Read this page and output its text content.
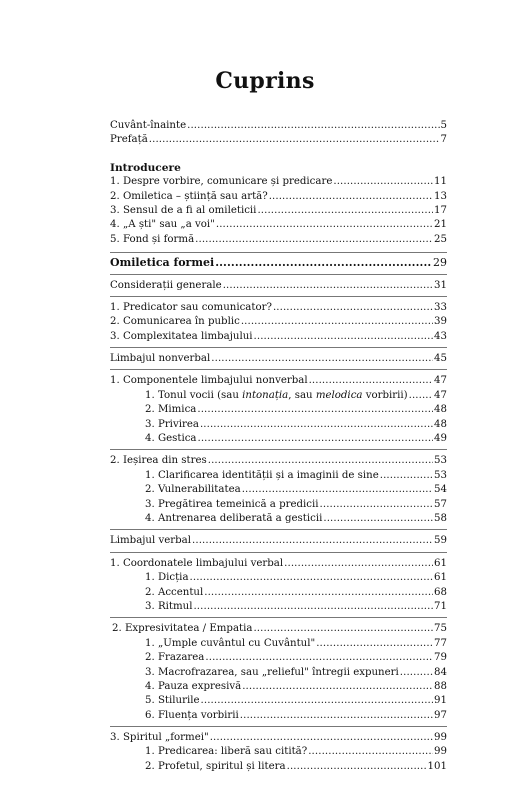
Cuprins
Cuvânt-înainte .....	5
Prefață .....	7
Introducere
1. Despre vorbire, comunicare și predicare .....	11
2. Omiletica – știință sau artă? .....	13
3. Sensul de a fi al omileticii .....	17
4. „A ști" sau „a voi" .....	21
5. Fond și formă .....	25
Omiletica formei .....	29
Considerații generale .....	31
1. Predicator sau comunicator? .....	33
2. Comunicarea în public .....	39
3. Complexitatea limbajului .....	43
Limbajul nonverbal .....	45
1. Componentele limbajului nonverbal .....	47
1. Tonul vocii (sau intonația, sau melodica vorbirii) .....	47
2. Mimica .....	48
3. Privirea .....	48
4. Gestica .....	49
2. Ieșirea din stres .....	53
1. Clarificarea identității și a imaginii de sine .....	53
2. Vulnerabilitatea .....	54
3. Pregătirea temeinică a predicii .....	57
4. Antrenarea deliberată a gesticii .....	58
Limbajul verbal .....	59
1. Coordonatele limbajului verbal .....	61
1. Dicția .....	61
2. Accentul .....	68
3. Ritmul .....	71
2. Expresivitatea / Empatia .....	75
1. „Umple cuvântul cu Cuvântul" .....	77
2. Frazarea .....	79
3. Macrofrazarea, sau „relieful" întregii expuneri .....	84
4. Pauza expresivă .....	88
5. Stilurile .....	91
6. Fluența vorbirii .....	97
3. Spiritul „formei" .....	99
1. Predicarea: liberă sau citită? .....	99
2. Profetul, spiritul și litera .....	101
